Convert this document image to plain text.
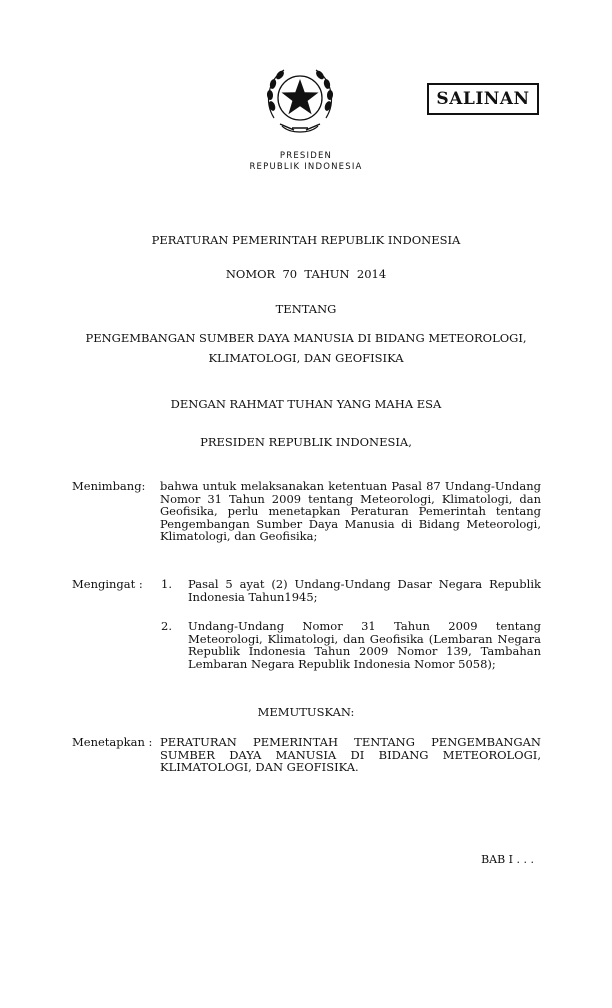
SALINAN
PRESIDEN
REPUBLIK INDONESIA
PERATURAN PEMERINTAH REPUBLIK INDONESIA
NOMOR  70  TAHUN  2014
TENTANG
PENGEMBANGAN SUMBER DAYA MANUSIA DI BIDANG METEOROLOGI,
KLIMATOLOGI, DAN GEOFISIKA
DENGAN RAHMAT TUHAN YANG MAHA ESA
PRESIDEN REPUBLIK INDONESIA,
Menimbang: bahwa untuk melaksanakan ketentuan Pasal 87 Undang-Undang Nomor 31 Tahun 2009 tentang Meteorologi, Klimatologi, dan Geofisika, perlu menetapkan Peraturan Pemerintah tentang Pengembangan Sumber Daya Manusia di Bidang Meteorologi, Klimatologi, dan Geofisika;
Mengingat : 1. Pasal 5 ayat (2) Undang-Undang Dasar Negara Republik Indonesia Tahun1945;
2. Undang-Undang Nomor 31 Tahun 2009 tentang Meteorologi, Klimatologi, dan Geofisika (Lembaran Negara Republik Indonesia Tahun 2009 Nomor 139, Tambahan Lembaran Negara Republik Indonesia Nomor 5058);
MEMUTUSKAN:
Menetapkan : PERATURAN PEMERINTAH TENTANG PENGEMBANGAN SUMBER DAYA MANUSIA DI BIDANG METEOROLOGI, KLIMATOLOGI, DAN GEOFISIKA.
BAB I . . .
